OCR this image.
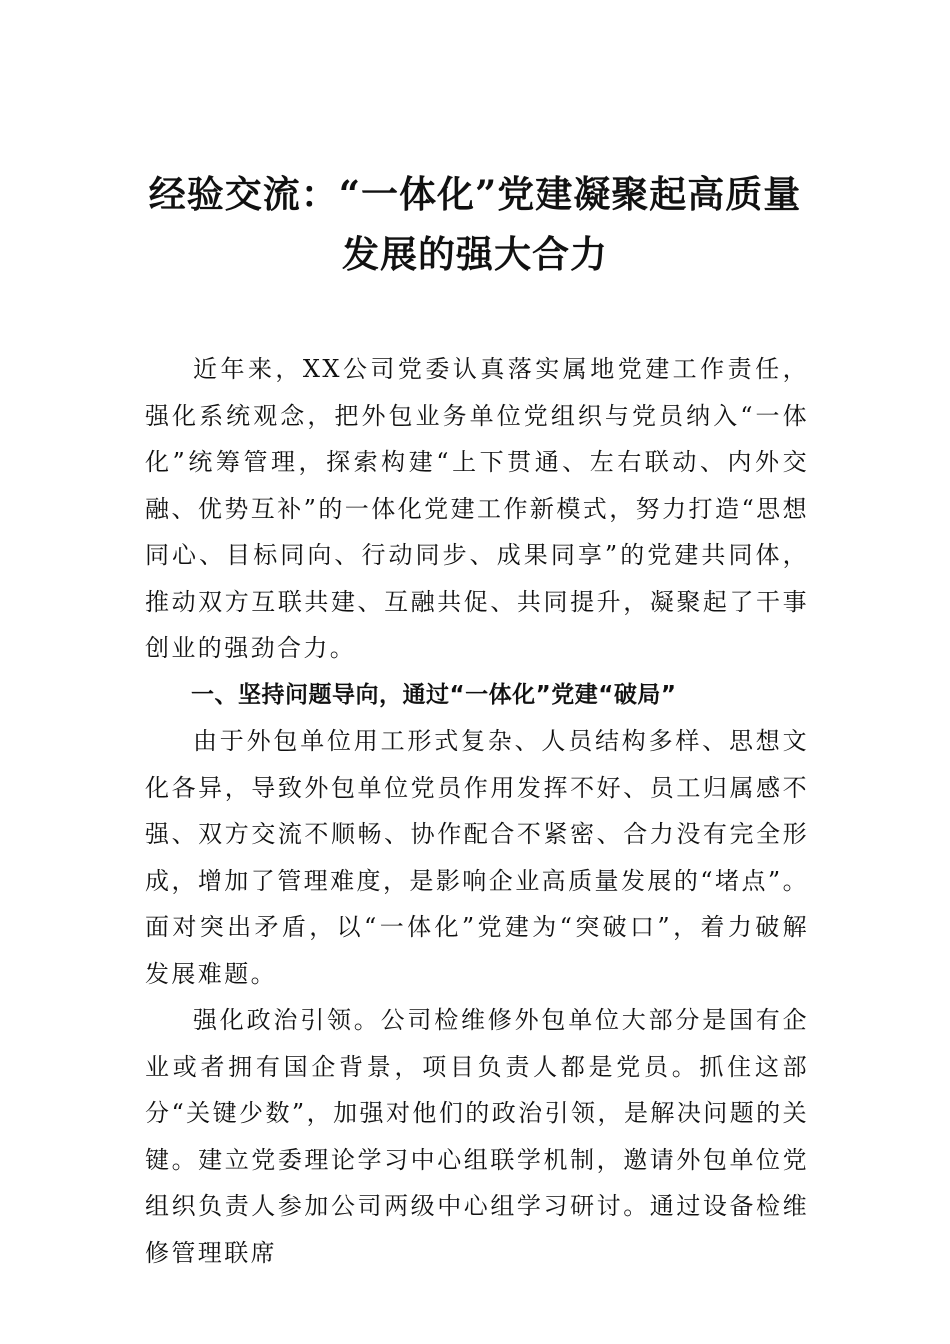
经验交流：“一体化”党建凝聚起高质量
发展的强大合力

近年来，XX公司党委认真落实属地党建工作责任，强化系统观念，把外包业务单位党组织与党员纳入“一体化”统筹管理，探索构建“上下贯通、左右联动、内外交融、优势互补”的一体化党建工作新模式，努力打造“思想同心、目标同向、行动同步、成果同享”的党建共同体，推动双方互联共建、互融共促、共同提升，凝聚起了干事创业的强劲合力。

一、坚持问题导向，通过“一体化”党建“破局”

由于外包单位用工形式复杂、人员结构多样、思想文化各异，导致外包单位党员作用发挥不好、员工归属感不强、双方交流不顺畅、协作配合不紧密、合力没有完全形成，增加了管理难度，是影响企业高质量发展的“堵点”。面对突出矛盾，以“一体化”党建为“突破口”，着力破解发展难题。

强化政治引领。公司检维修外包单位大部分是国有企业或者拥有国企背景，项目负责人都是党员。抓住这部分“关键少数”，加强对他们的政治引领，是解决问题的关键。建立党委理论学习中心组联学机制，邀请外包单位党组织负责人参加公司两级中心组学习研讨。通过设备检维修管理联席
